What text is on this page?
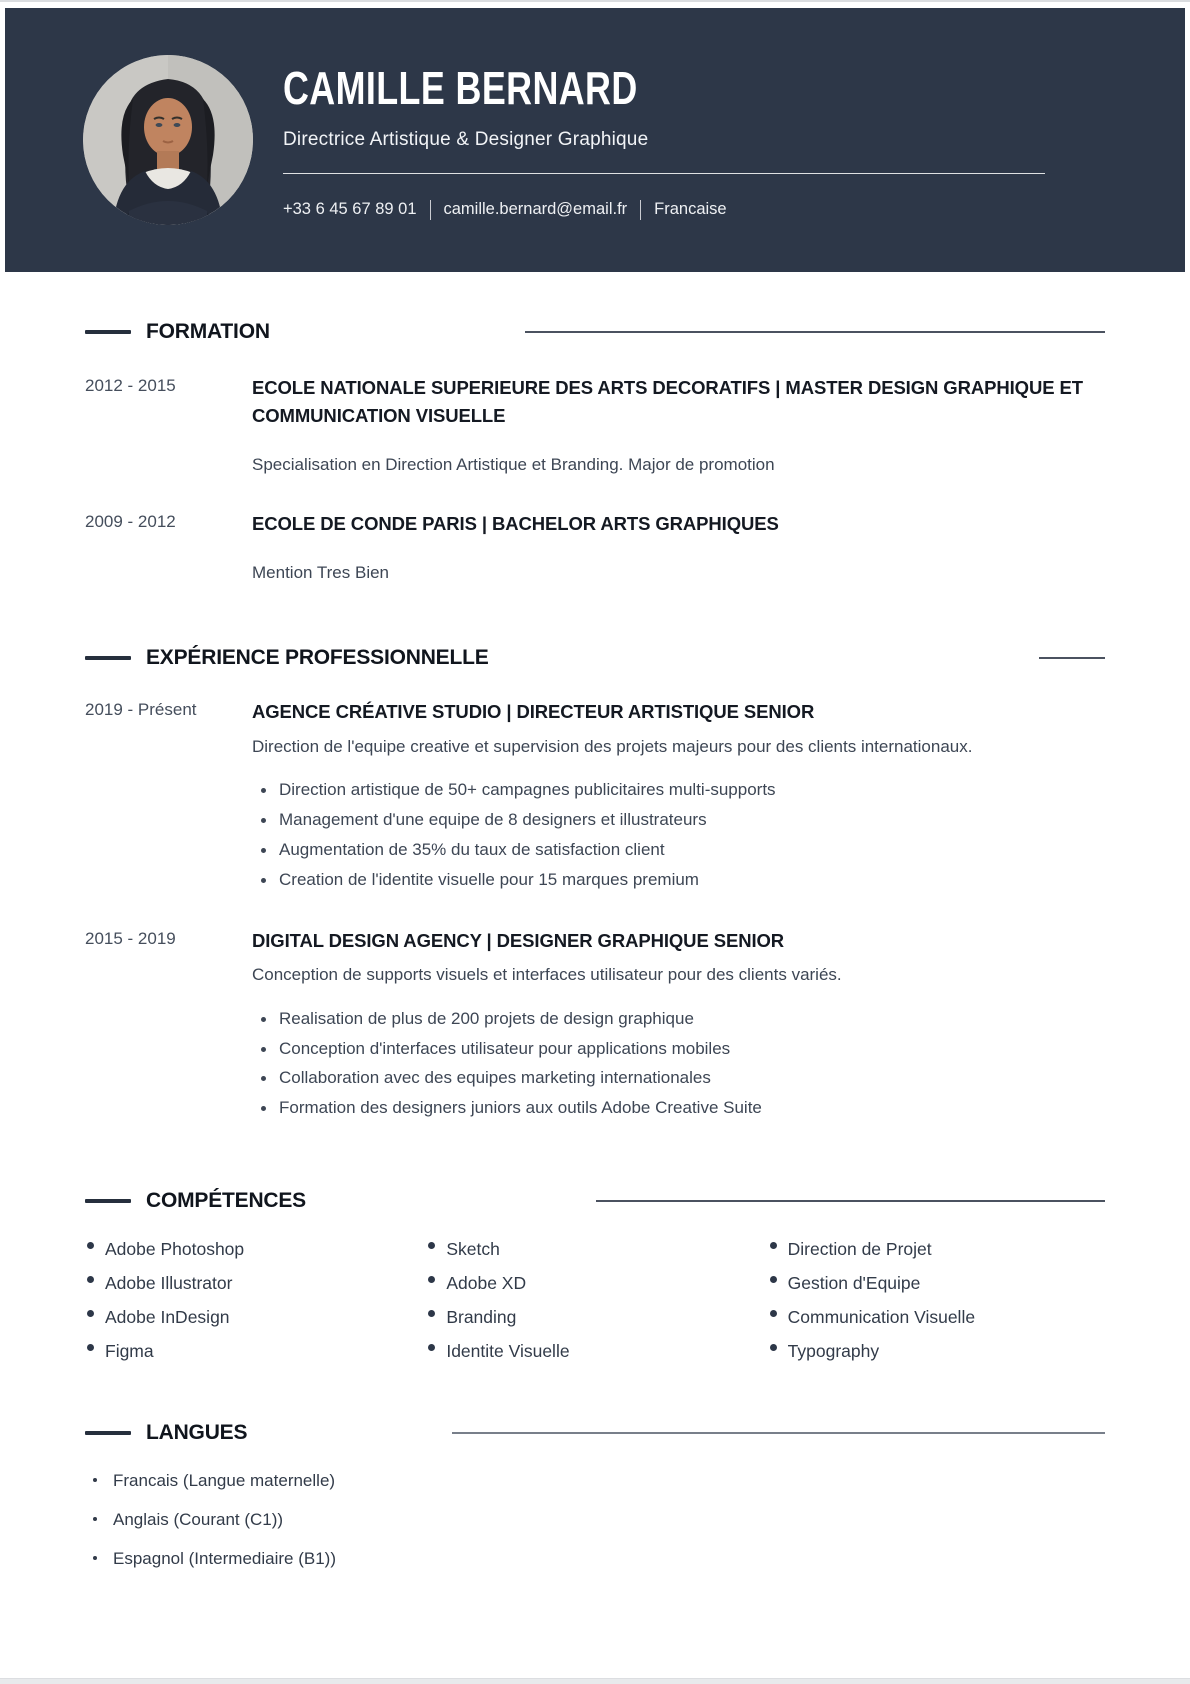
CAMILLE BERNARD
Directrice Artistique & Designer Graphique
+33 6 45 67 89 01 camille.bernard@email.fr Francaise
FORMATION
2012 - 2015	ECOLE NATIONALE SUPERIEURE DES ARTS DECORATIFS | MASTER DESIGN GRAPHIQUE ET COMMUNICATION VISUELLE
Specialisation en Direction Artistique et Branding. Major de promotion
2009 - 2012	ECOLE DE CONDE PARIS | BACHELOR ARTS GRAPHIQUES
Mention Tres Bien
EXPÉRIENCE PROFESSIONNELLE
2019 - Présent	AGENCE CRÉATIVE STUDIO | DIRECTEUR ARTISTIQUE SENIOR
Direction de l'equipe creative et supervision des projets majeurs pour des clients internationaux.
Direction artistique de 50+ campagnes publicitaires multi-supports
Management d'une equipe de 8 designers et illustrateurs
Augmentation de 35% du taux de satisfaction client
Creation de l'identite visuelle pour 15 marques premium
2015 - 2019	DIGITAL DESIGN AGENCY | DESIGNER GRAPHIQUE SENIOR
Conception de supports visuels et interfaces utilisateur pour des clients variés.
Realisation de plus de 200 projets de design graphique
Conception d'interfaces utilisateur pour applications mobiles
Collaboration avec des equipes marketing internationales
Formation des designers juniors aux outils Adobe Creative Suite
COMPÉTENCES
Adobe Photoshop	Sketch	Direction de Projet
Adobe Illustrator	Adobe XD	Gestion d'Equipe
Adobe InDesign	Branding	Communication Visuelle
Figma	Identite Visuelle	Typography
LANGUES
Francais (Langue maternelle)
Anglais (Courant (C1))
Espagnol (Intermediaire (B1))
